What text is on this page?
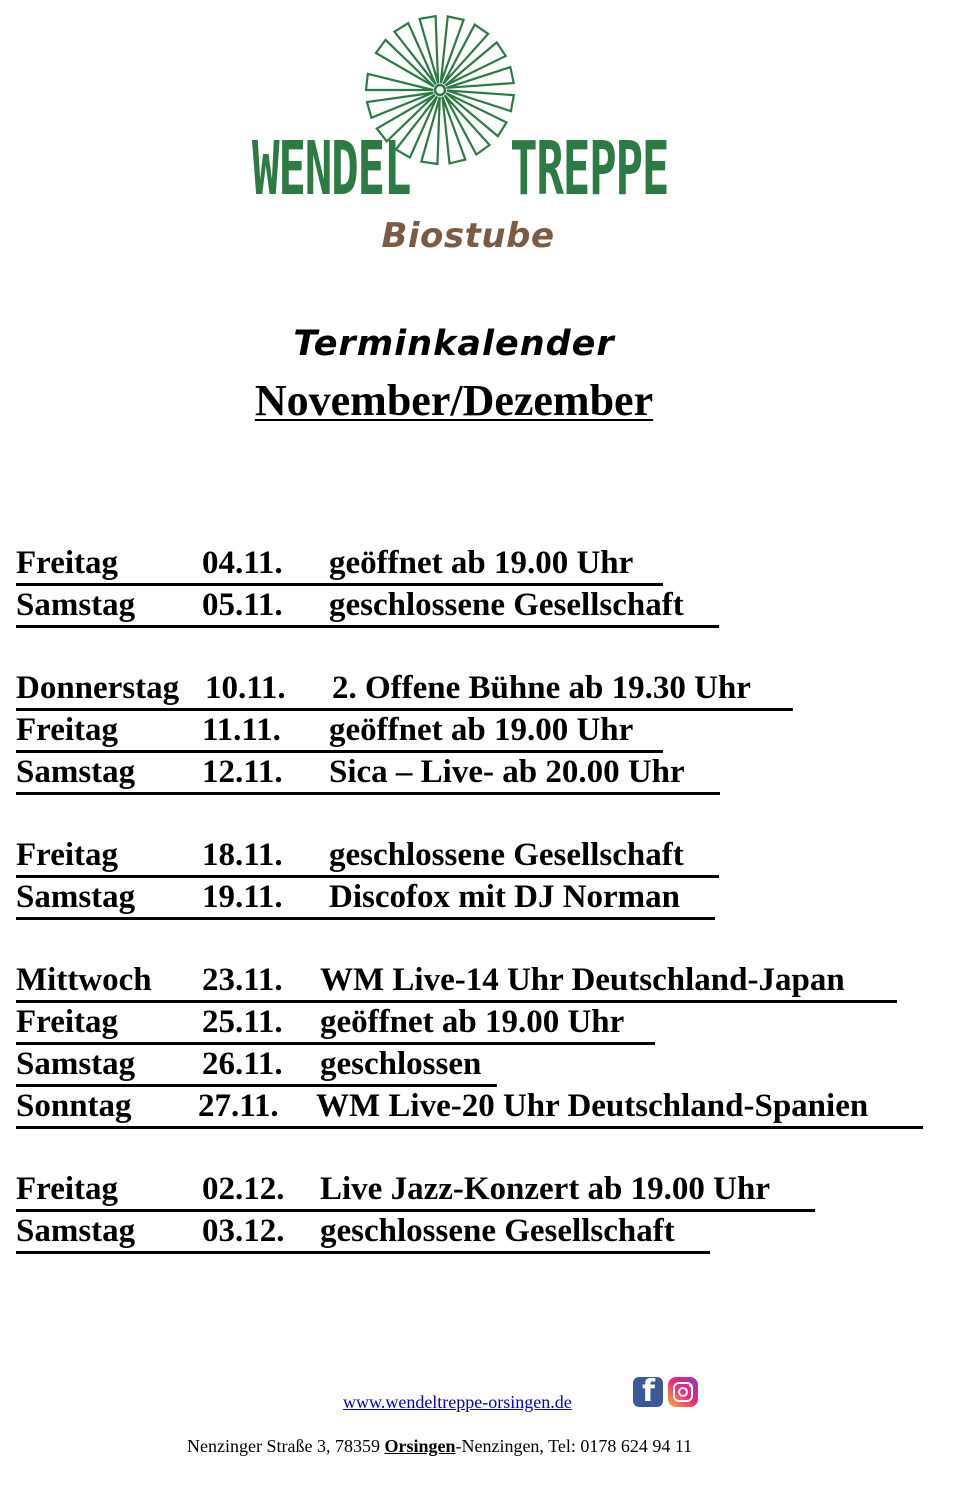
WENDEL TREPPE
Biostube
Terminkalender
November/Dezember
Freitag	04.11. geöffnet ab 19.00 Uhr
Samstag 05.11. geschlossene Gesellschaft
Donnerstag 10.11. 2. Offene Bühne ab 19.30 Uhr
Freitag	11.11. geöffnet ab 19.00 Uhr
Samstag 12.11. Sica – Live- ab 20.00 Uhr
Freitag	18.11. geschlossene Gesellschaft
Samstag 19.11. Discofox mit DJ Norman
Mittwoch 23.11. WM Live-14 Uhr Deutschland-Japan
Freitag	25.11. geöffnet ab 19.00 Uhr
Samstag 26.11. geschlossen
Sonntag 27.11. WM Live-20 Uhr Deutschland-Spanien
Freitag	02.12. Live Jazz-Konzert ab 19.00 Uhr
Samstag 03.12. geschlossene Gesellschaft
www.wendeltreppe-orsingen.de f
Nenzinger Straße 3, 78359 Orsingen-Nenzingen, Tel: 0178 624 94 11
